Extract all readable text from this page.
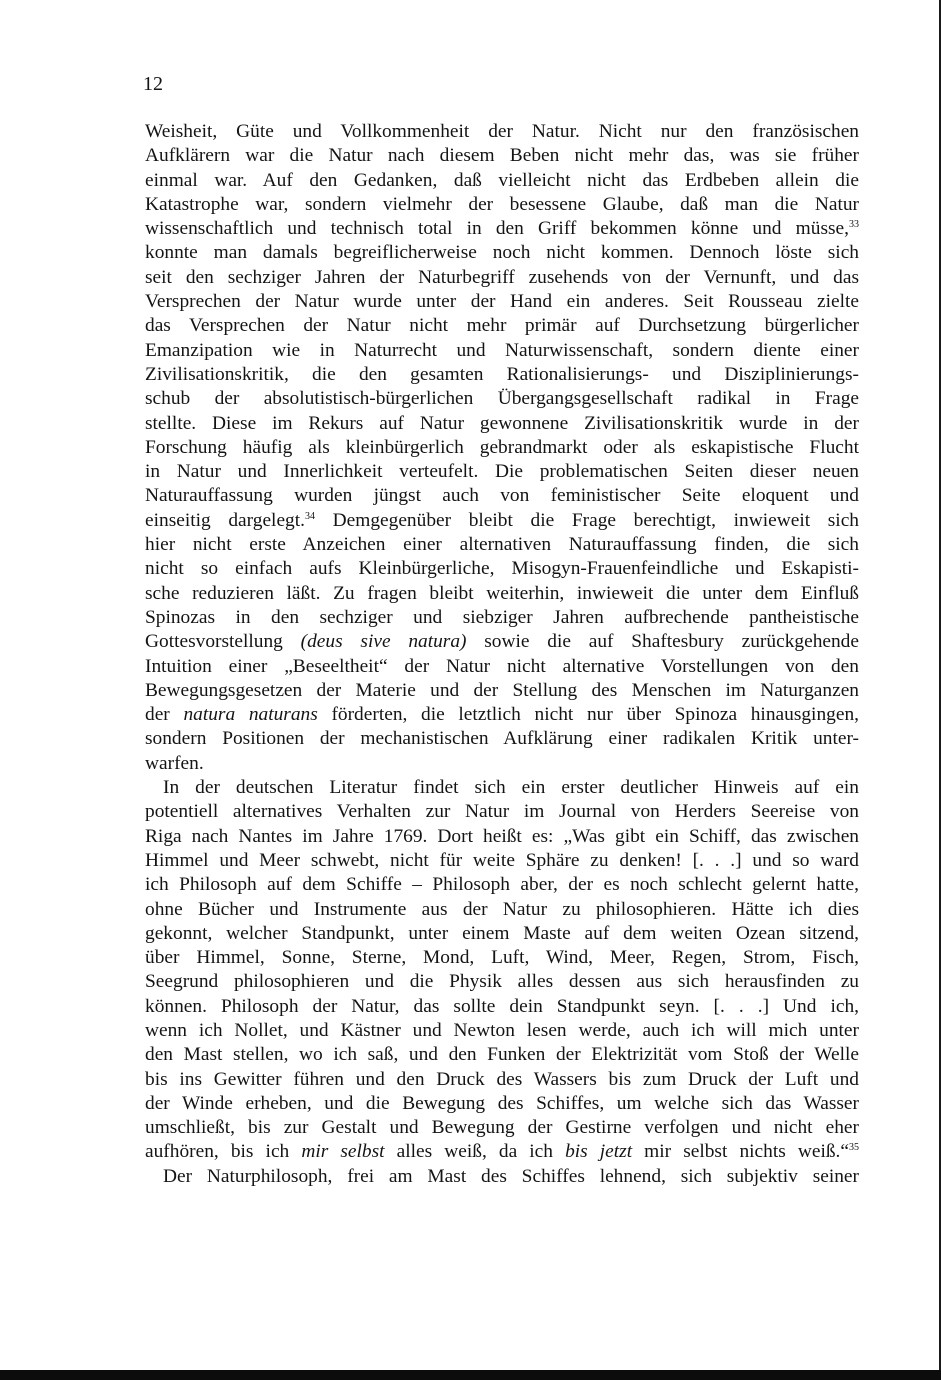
12
Weisheit, Güte und Vollkommenheit der Natur. Nicht nur den französischen
Aufklärern war die Natur nach diesem Beben nicht mehr das, was sie früher
einmal war. Auf den Gedanken, daß vielleicht nicht das Erdbeben allein die
Katastrophe war, sondern vielmehr der besessene Glaube, daß man die Natur
wissenschaftlich und technisch total in den Griff bekommen könne und müsse,$^{33}$
konnte man damals begreiflicherweise noch nicht kommen. Dennoch löste sich
seit den sechziger Jahren der Naturbegriff zusehends von der Vernunft, und das
Versprechen der Natur wurde unter der Hand ein anderes. Seit Rousseau zielte
das Versprechen der Natur nicht mehr primär auf Durchsetzung bürgerlicher
Emanzipation wie in Naturrecht und Naturwissenschaft, sondern diente einer
Zivilisationskritik, die den gesamten Rationalisierungs- und Disziplinierungs-
schub der absolutistisch-bürgerlichen Übergangsgesellschaft radikal in Frage
stellte. Diese im Rekurs auf Natur gewonnene Zivilisationskritik wurde in der
Forschung häufig als kleinbürgerlich gebrandmarkt oder als eskapistische Flucht
in Natur und Innerlichkeit verteufelt. Die problematischen Seiten dieser neuen
Naturauffassung wurden jüngst auch von feministischer Seite eloquent und
einseitig dargelegt.$^{34}$ Demgegenüber bleibt die Frage berechtigt, inwieweit sich
hier nicht erste Anzeichen einer alternativen Naturauffassung finden, die sich
nicht so einfach aufs Kleinbürgerliche, Misogyn-Frauenfeindliche und Eskapisti-
sche reduzieren läßt. Zu fragen bleibt weiterhin, inwieweit die unter dem Einfluß
Spinozas in den sechziger und siebziger Jahren aufbrechende pantheistische
Gottesvorstellung (deus sive natura) sowie die auf Shaftesbury zurückgehende
Intuition einer „Beseeltheit“ der Natur nicht alternative Vorstellungen von den
Bewegungsgesetzen der Materie und der Stellung des Menschen im Naturganzen
der natura naturans förderten, die letztlich nicht nur über Spinoza hinausgingen,
sondern Positionen der mechanistischen Aufklärung einer radikalen Kritik unter-
warfen.
In der deutschen Literatur findet sich ein erster deutlicher Hinweis auf ein
potentiell alternatives Verhalten zur Natur im Journal von Herders Seereise von
Riga nach Nantes im Jahre 1769. Dort heißt es: „Was gibt ein Schiff, das zwischen
Himmel und Meer schwebt, nicht für weite Sphäre zu denken! [. . .] und so ward
ich Philosoph auf dem Schiffe – Philosoph aber, der es noch schlecht gelernt hatte,
ohne Bücher und Instrumente aus der Natur zu philosophieren. Hätte ich dies
gekonnt, welcher Standpunkt, unter einem Maste auf dem weiten Ozean sitzend,
über Himmel, Sonne, Sterne, Mond, Luft, Wind, Meer, Regen, Strom, Fisch,
Seegrund philosophieren und die Physik alles dessen aus sich herausfinden zu
können. Philosoph der Natur, das sollte dein Standpunkt seyn. [. . .] Und ich,
wenn ich Nollet, und Kästner und Newton lesen werde, auch ich will mich unter
den Mast stellen, wo ich saß, und den Funken der Elektrizität vom Stoß der Welle
bis ins Gewitter führen und den Druck des Wassers bis zum Druck der Luft und
der Winde erheben, und die Bewegung des Schiffes, um welche sich das Wasser
umschließt, bis zur Gestalt und Bewegung der Gestirne verfolgen und nicht eher
aufhören, bis ich mir selbst alles weiß, da ich bis jetzt mir selbst nichts weiß.“$^{35}$
Der Naturphilosoph, frei am Mast des Schiffes lehnend, sich subjektiv seiner
